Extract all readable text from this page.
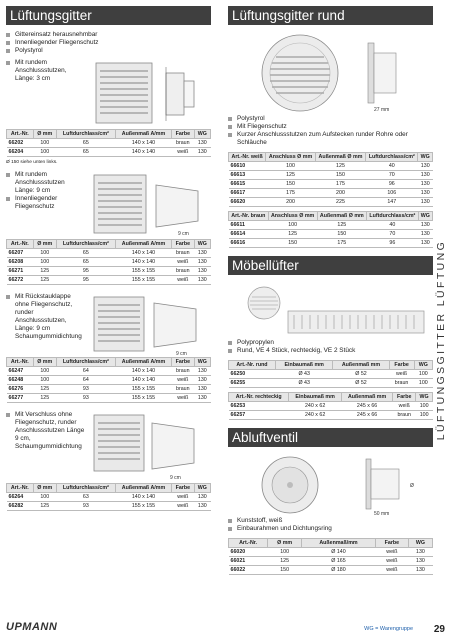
Lüftungsgitter
Gittereinsatz herausnehmbar
Innenliegender Fliegenschutz
Polystyrol
Mit rundem Anschlussstutzen, Länge: 3 cm
Art.-Nr.	Ø mm	Luftdurchlass/cm²	Außenmaß A/mm	Farbe	WG
66202	100	65	140 x 140	braun	130
66204	100	65	140 x 140	weiß	130
Ø 150 siehe unten links.
Mit rundem Anschlussstutzen Länge: 9 cm
Innenliegender Fliegenschutz
9 cm
Art.-Nr.	Ø mm	Luftdurchlass/cm²	Außenmaß A/mm	Farbe	WG
66207	100	65	140 x 140	braun	130
66208	100	65	140 x 140	weiß	130
66271	125	95	155 x 155	braun	130
66272	125	95	155 x 155	weiß	130
Mit Rückstauklappe ohne Fliegenschutz, runder Anschlussstutzen, Länge: 9 cm Schaumgummidichtung
9 cm
Art.-Nr.	Ø mm	Luftdurchlass/cm²	Außenmaß A/mm	Farbe	WG
66247	100	64	140 x 140	braun	130
66248	100	64	140 x 140	weiß	130
66276	125	93	155 x 155	braun	130
66277	125	93	155 x 155	weiß	130
Mit Verschluss ohne Fliegenschutz, runder Anschlussstutzen Länge 9 cm, Schaumgummidichtung
9 cm
Art.-Nr.	Ø mm	Luftdurchlass/cm²	Außenmaß A/mm	Farbe	WG
66264	100	63	140 x 140	weiß	130
66282	125	93	155 x 155	weiß	130
Lüftungsgitter rund
27 mm
Polystyrol
Mit Fliegenschutz
Kurzer Anschlussstutzen zum Aufstecken runder Rohre oder Schläuche
Art.-Nr. weiß	Anschluss Ø mm	Außenmaß Ø mm	Luftdurchlass/cm²	WG
66610	100	125	40	130
66613	125	150	70	130
66615	150	175	96	130
66617	175	200	106	130
66620	200	225	147	130
Art.-Nr. braun	Anschluss Ø mm	Außenmaß Ø mm	Luftdurchlass/cm²	WG
66611	100	125	40	130
66614	125	150	70	130
66616	150	175	96	130
Möbellüfter
Polypropylen
Rund, VE 4 Stück, rechteckig, VE 2 Stück
Art.-Nr. rund	Einbaumaß mm	Außenmaß mm	Farbe	WG
66250	Ø 43	Ø 52	weiß	100
66255	Ø 43	Ø 52	braun	100
Art.-Nr. rechteckig	Einbaumaß mm	Außenmaß mm	Farbe	WG
66253	240 x 62	245 x 66	weiß	100
66257	240 x 62	245 x 66	braun	100
Abluftventil
Ø
50 mm
Kunststoff, weiß
Einbaurahmen und Dichtungsring
Art.-Nr.	Ø mm	Außenmaß/mm	Farbe	WG
66020	100	Ø 140	weiß	130
66021	125	Ø 165	weiß	130
66022	150	Ø 180	weiß	130
LÜFTUNGSGITTER LÜFTUNG
UPMANN	WG = Warengruppe 29
